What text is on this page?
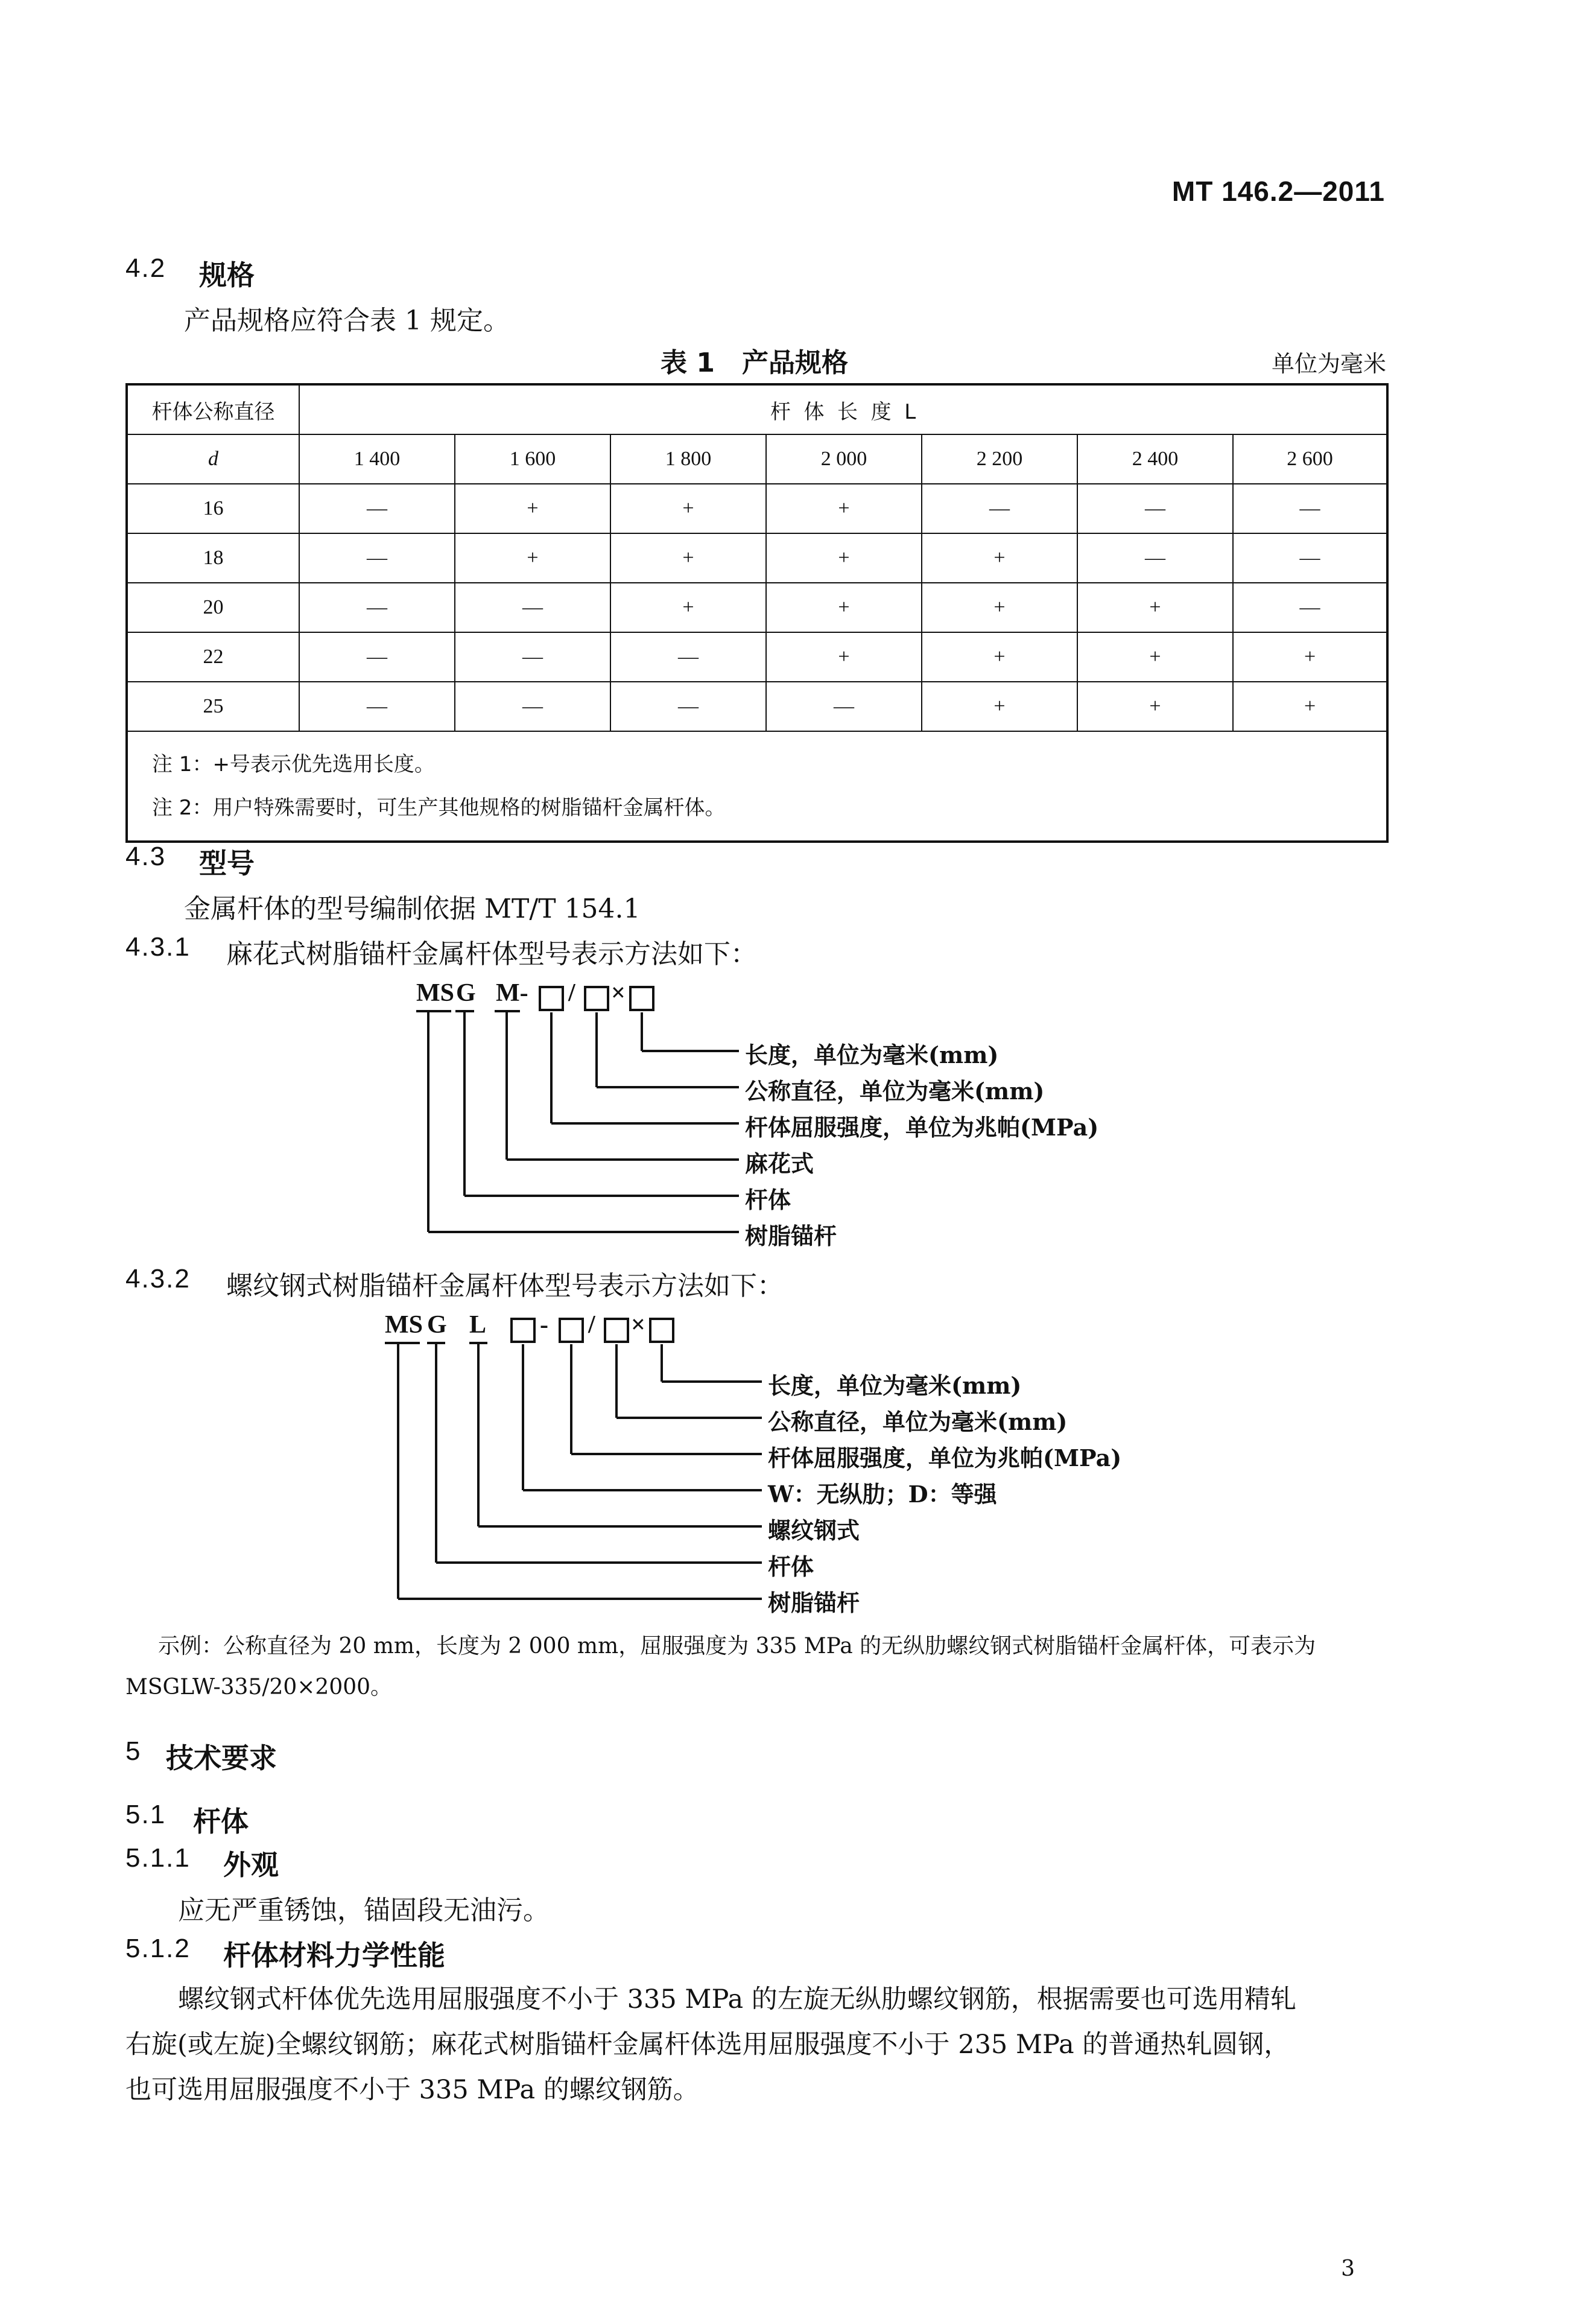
MT 146.2—2011
4.2 规格
产品规格应符合表 1 规定。
表 1 产品规格	单位为毫米
杆体公称直径	杆  体  长  度  L						
d	1 400	1 600	1 800	2 000	2 200	2 400	2 600
16	—	+	+	+	—	—	—
18	—	+	+	+	+	—	—
20	—	—	+	+	+	+	—
22	—	—	—	+	+	+	+
25	—	—	—	—	+	+	+

注 1：+号表示优先选用长度。
注 2：用户特殊需要时，可生产其他规格的树脂锚杆金属杆体。							
4.3 型号
金属杆体的型号编制依据 MT/T 154.1
4.3.1 麻花式树脂锚杆金属杆体型号表示方法如下：
MS G M- / ×
长度，单位为毫米(mm)
公称直径，单位为毫米(mm)
杆体屈服强度，单位为兆帕(MPa)
麻花式
杆体
树脂锚杆
4.3.2 螺纹钢式树脂锚杆金属杆体型号表示方法如下：
MS G L - / ×
长度，单位为毫米(mm)
公称直径，单位为毫米(mm)
杆体屈服强度，单位为兆帕(MPa)
W：无纵肋；D：等强
螺纹钢式
杆体
树脂锚杆
示例：公称直径为 20 mm，长度为 2 000 mm，屈服强度为 335 MPa 的无纵肋螺纹钢式树脂锚杆金属杆体，可表示为
MSGLW-335/20×2000。
5 技术要求
5.1 杆体
5.1.1 外观
应无严重锈蚀，锚固段无油污。
5.1.2 杆体材料力学性能
螺纹钢式杆体优先选用屈服强度不小于 335 MPa 的左旋无纵肋螺纹钢筋，根据需要也可选用精轧
右旋(或左旋)全螺纹钢筋；麻花式树脂锚杆金属杆体选用屈服强度不小于 235 MPa 的普通热轧圆钢，
也可选用屈服强度不小于 335 MPa 的螺纹钢筋。
3
